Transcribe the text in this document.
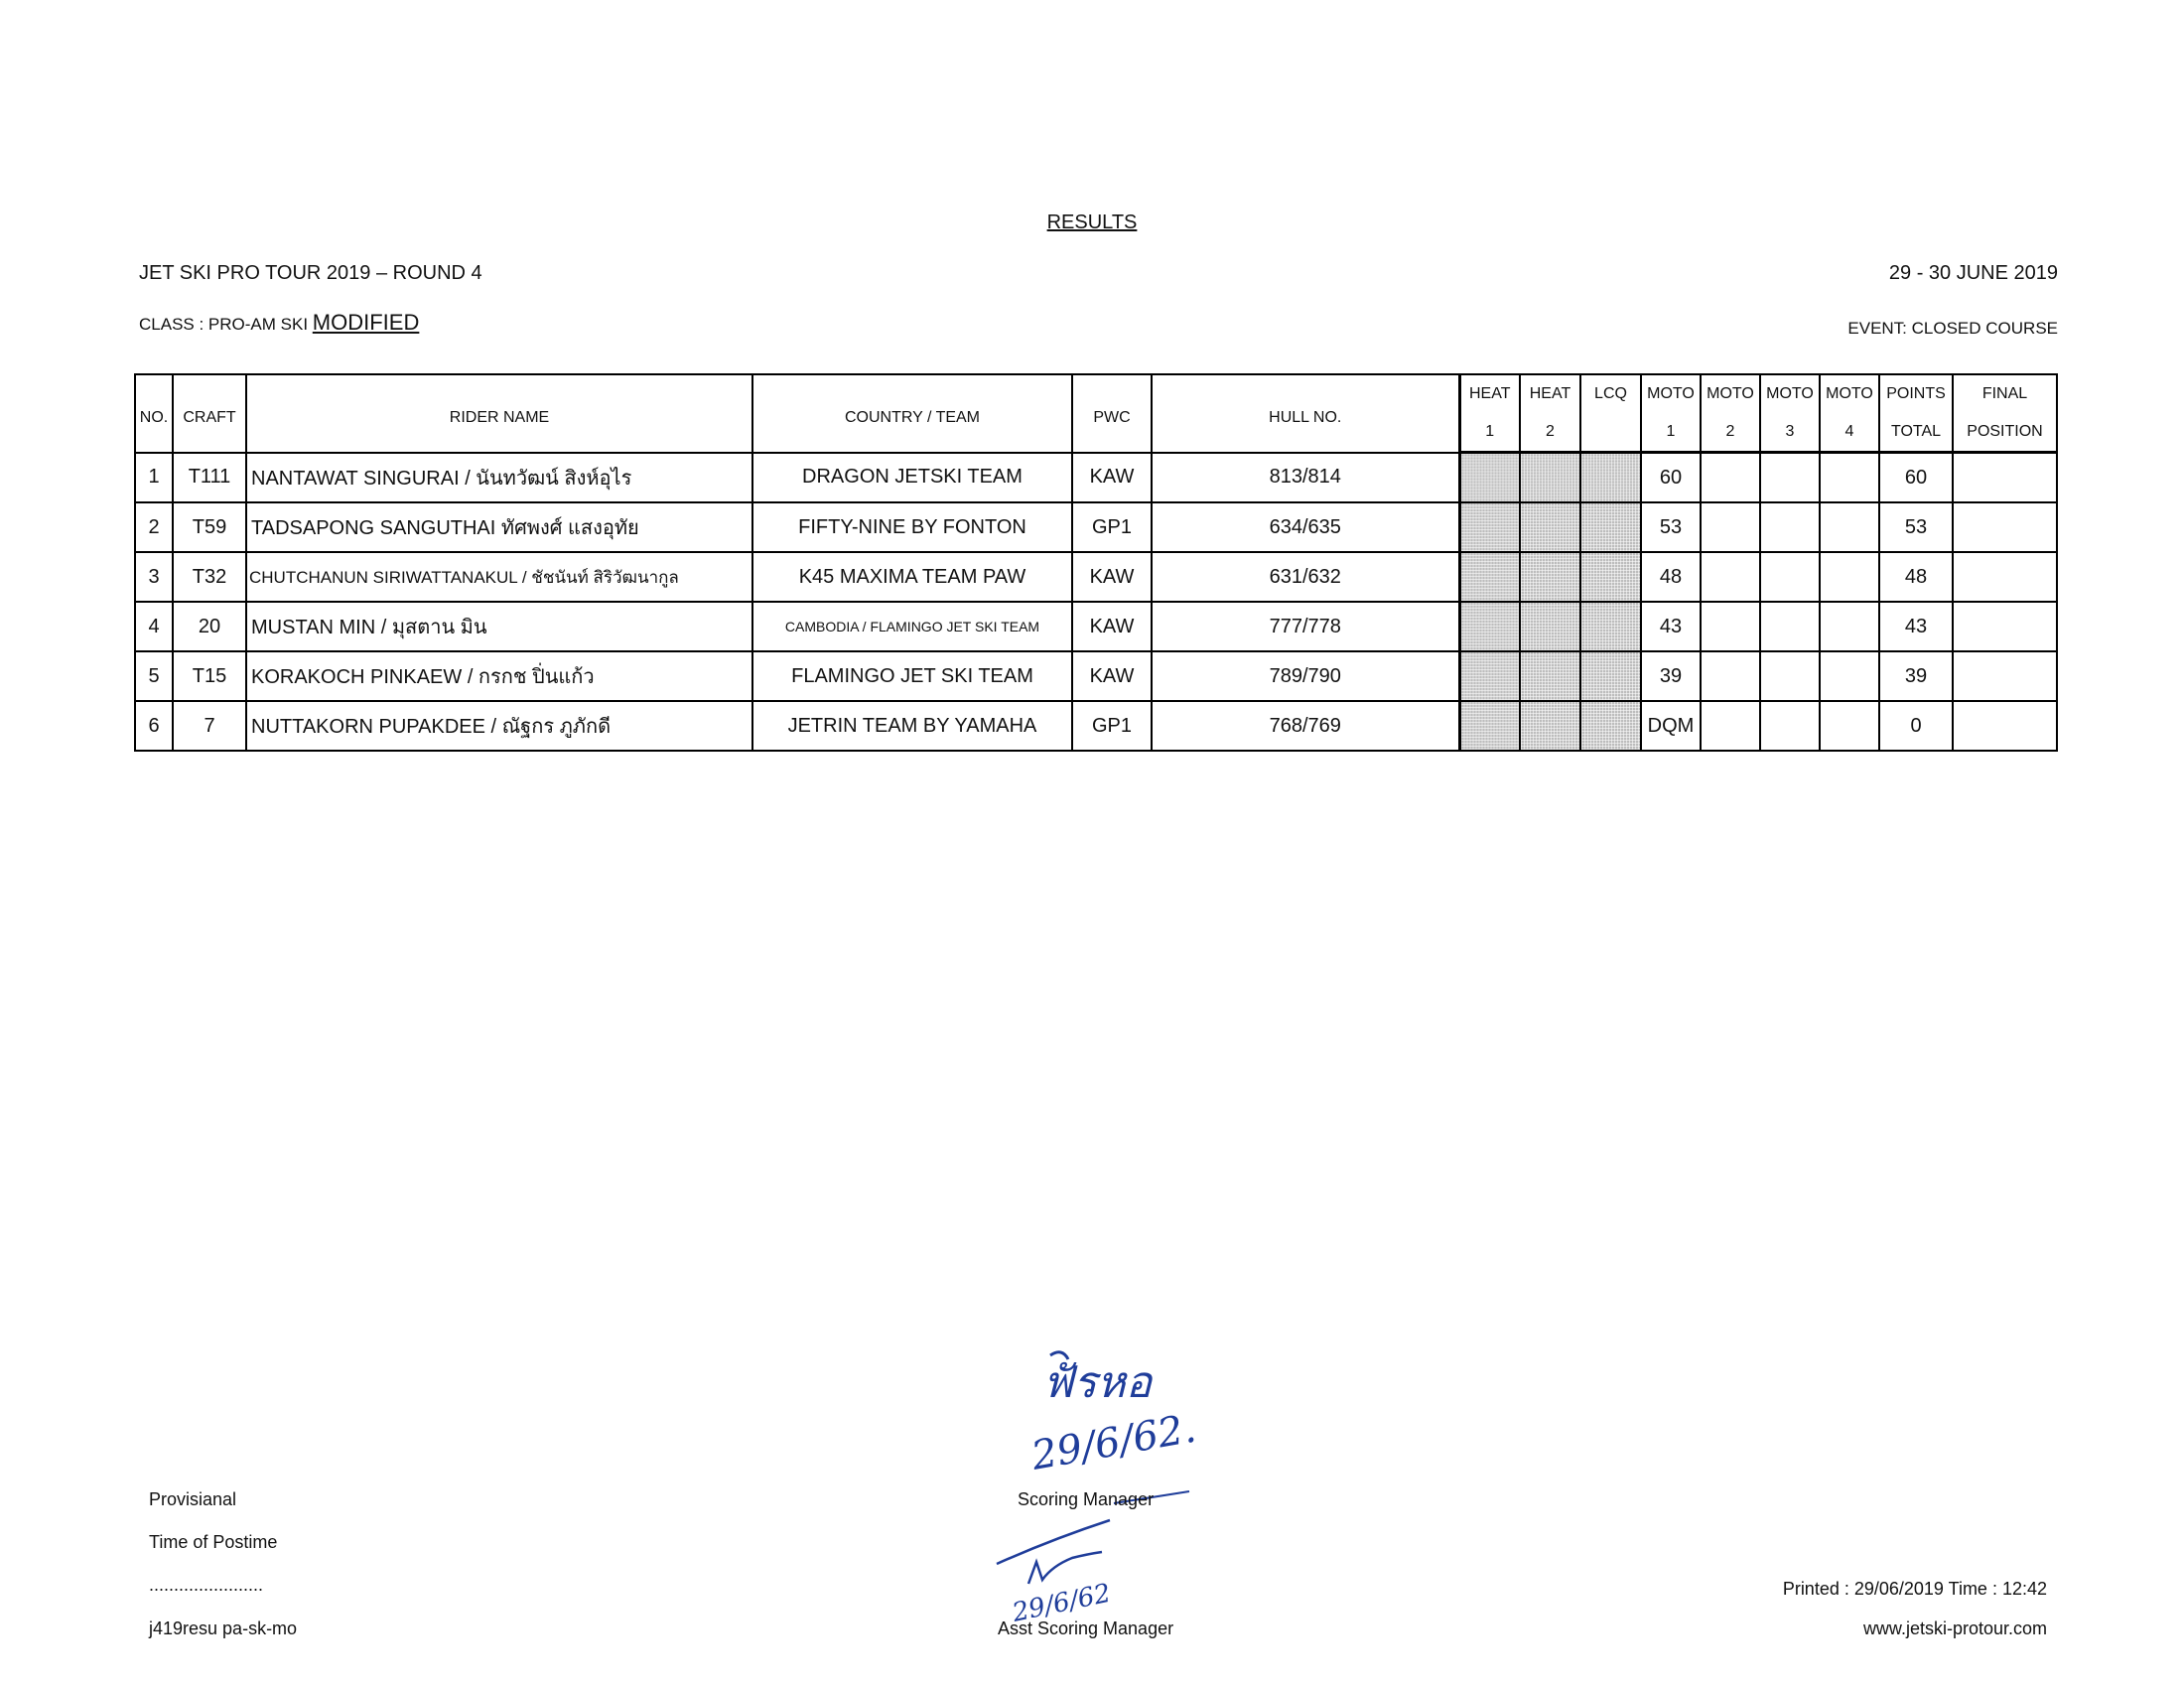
RESULTS
JET SKI PRO TOUR 2019 – ROUND 4	29 - 30 JUNE 2019
CLASS : PRO-AM SKI MODIFIED	EVENT: CLOSED COURSE
NO.	CRAFT	RIDER NAME	COUNTRY / TEAM	PWC	HULL NO.	HEAT	HEAT	LCQ	MOTO	MOTO	MOTO	MOTO	POINTS	FINAL
						1	2		1	2	3	4	TOTAL	POSITION
1	T111	NANTAWAT SINGURAI / นันทวัฒน์ สิงห์อุไร	DRAGON JETSKI TEAM	KAW	813/814				60				60	
2	T59	TADSAPONG SANGUTHAI ทัศพงศ์ แสงอุทัย	FIFTY-NINE BY FONTON	GP1	634/635				53				53	
3	T32	CHUTCHANUN SIRIWATTANAKUL / ชัชนันท์ สิริวัฒนากูล	K45 MAXIMA TEAM PAW	KAW	631/632				48				48	
4	20	MUSTAN MIN / มุสตาน มิน	CAMBODIA / FLAMINGO JET SKI TEAM	KAW	777/778				43				43	
5	T15	KORAKOCH PINKAEW / กรกช ปิ่นแก้ว	FLAMINGO JET SKI TEAM	KAW	789/790				39				39	
6	7	NUTTAKORN PUPAKDEE / ณัฐกร ภูภักดี	JETRIN TEAM BY YAMAHA	GP1	768/769				DQM				0	
ฟัรหอ
29/6/62.
29/6/62
Provisianal
Time of Postime
.......................
j419resu pa-sk-mo
Scoring Manager
Asst Scoring Manager
Printed : 29/06/2019 Time : 12:42
www.jetski-protour.com
